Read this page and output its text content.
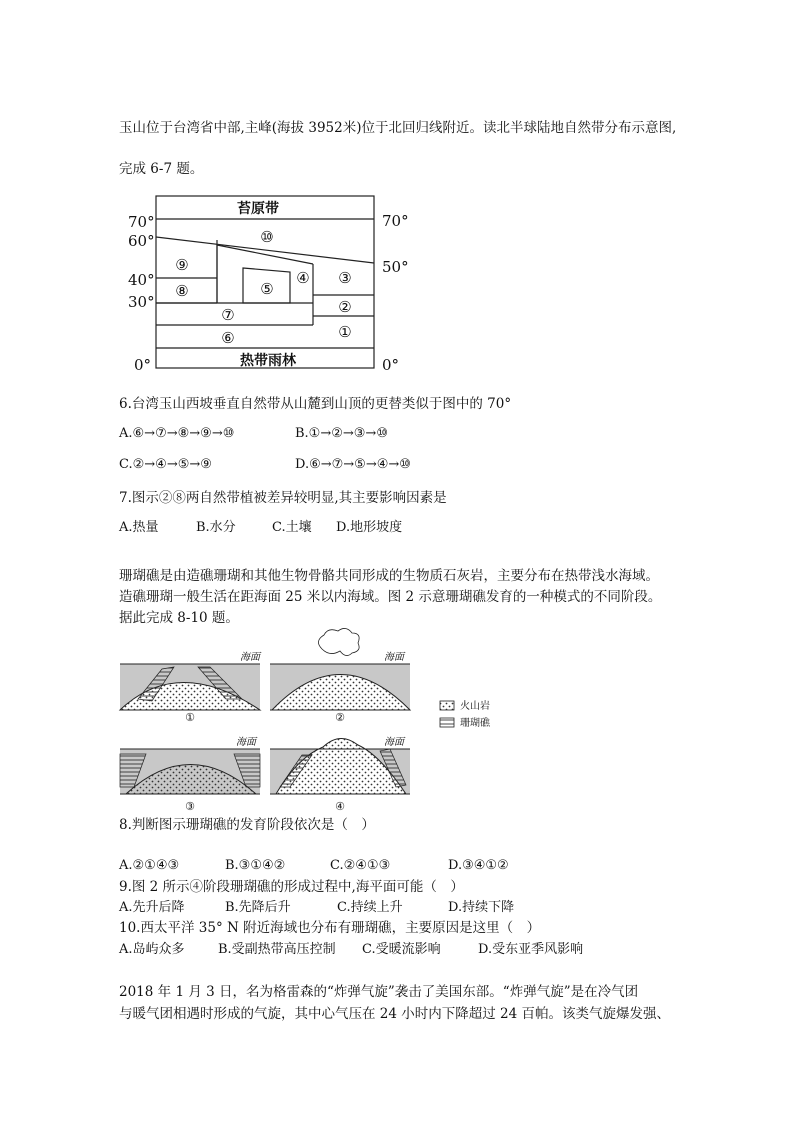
玉山位于台湾省中部,主峰(海拔 3952米)位于北回归线附近。读北半球陆地自然带分布示意图,

完成 6-7 题。

苔原带
热带雨林
70°
60°
40°
30°
0°
70°
50°
0°
⑩
⑨
⑧	⑤
④ ③
②
⑦
⑥	①

6.台湾玉山西坡垂直自然带从山麓到山顶的更替类似于图中的 70°

A.⑥→⑦→⑧→⑨→⑩	B.①→②→③→⑩
C.②→④→⑤→⑨	D.⑥→⑦→⑤→④→⑩

7.图示②⑧两自然带植被差异较明显,其主要影响因素是

A.热量	B.水分	C.土壤 D.地形坡度

珊瑚礁是由造礁珊瑚和其他生物骨骼共同形成的生物质石灰岩，主要分布在热带浅水海域。

造礁珊瑚一般生活在距海面 25 米以内海域。图 2 示意珊瑚礁发育的一种模式的不同阶段。

据此完成 8-10 题。

海面
①
海面
②
海面
③
海面
④
火山岩
珊瑚礁

8.判断图示珊瑚礁的发育阶段依次是（　）

A.②①④③	B.③①④②	C.②④①③	D.③④①②

9.图 2 所示④阶段珊瑚礁的形成过程中,海平面可能（　）

A.先升后降	B.先降后升	C.持续上升	D.持续下降

10.西太平洋 35° N 附近海域也分布有珊瑚礁，主要原因是这里（　）

A.岛屿众多	B.受副热带高压控制 C.受暖流影响	D.受东亚季风影响

2018 年 1 月 3 日，名为格雷森的“炸弹气旋”袭击了美国东部。“炸弹气旋”是在冷气团

与暖气团相遇时形成的气旋，其中心气压在 24 小时内下降超过 24 百帕。该类气旋爆发强、
